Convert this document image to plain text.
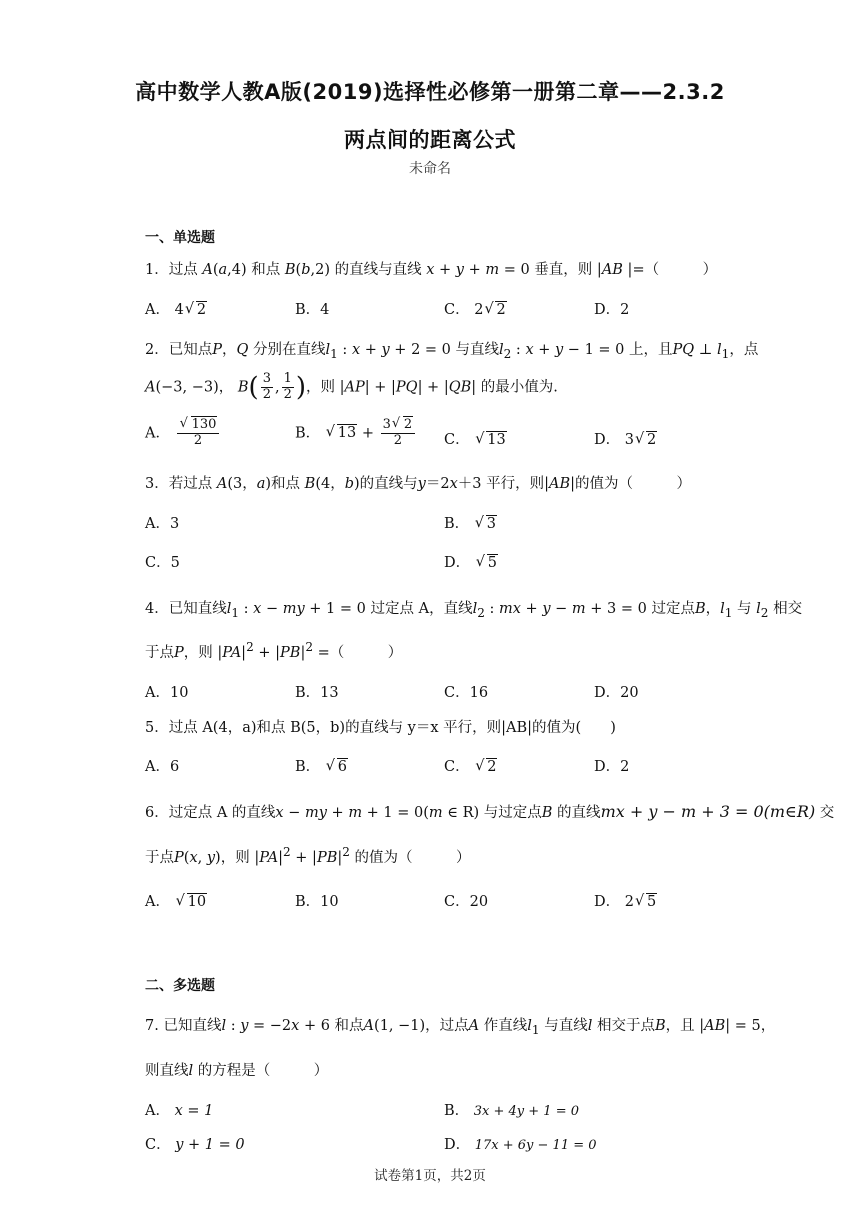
高中数学人教A版(2019)选择性必修第一册第二章——2.3.2
两点间的距离公式
未命名
一、单选题
1．过点 A(a,4) 和点 B(b,2) 的直线与直线 x + y + m = 0 垂直，则 |AB |=（　　　）
A． 4 √ 2	B．4	C． 2 √ 2	D．2
2．已知点P，Q 分别在直线$l_1$ : x + y + 2 = 0 与直线$l_2$ : x + y − 1 = 0 上，且PQ ⊥ $l_1$，点
A(−3, −3)， $B( \frac{3}{2}$ , $\frac{1}{2}$ )，则 |AP| + |PQ| + |QB| 的最小值为.
A． √ $\frac{130}{2}$	B． √ $13 + \frac{3 √ 2}{2}$ C． √ 13	D． 3 √ 2
3．若过点 A(3，a)和点 B(4，b)的直线与y＝2x＋3 平行，则|AB|的值为（　　　）
A．3	B． √ 3
C．5	D． √ 5
4．已知直线$l_1$ : x − my + 1 = 0 过定点 A，直线$l_2$ : mx + y − m + 3 = 0 过定点B，$l_1$ 与 $l_2$ 相交
于点P，则 $|PA|^2 + |PB|^2$ =（　　　）
A．10	B．13	C．16	D．20
5．过点 A(4，a)和点 B(5，b)的直线与 y＝x 平行，则|AB|的值为(　　)
A．6	B． √ 6	C． √ 2	D．2
6．过定点 A 的直线x − my + m + 1 = 0(m ∈ R) 与过定点B 的直线mx + y − m + 3 = 0(m∈R) 交
于点P(x, y)，则 $|PA|^2 + |PB|^2$ 的值为（　　　）
A． √ 10	B．10	C．20	D． 2 √ 5
二、多选题
7. 已知直线l : y = −2x + 6 和点A(1, −1)，过点A 作直线$l_1$ 与直线l 相交于点B，且 |AB| = 5，
则直线l 的方程是（　　　）
A． x = 1	B． 3x + 4y + 1 = 0
C． y + 1 = 0	D． 17x + 6y − 11 = 0
试卷第1页，共2页
